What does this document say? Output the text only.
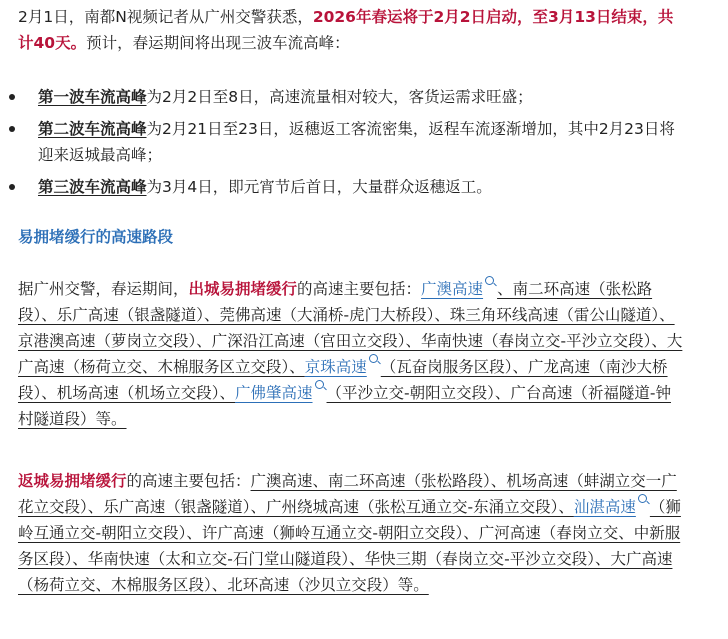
2月1日，南都N视频记者从广州交警获悉，2026年春运将于2月2日启动，至3月13日结束，共计40天。预计，春运期间将出现三波车流高峰：

第一波车流高峰为2月2日至8日，高速流量相对较大，客货运需求旺盛；
第二波车流高峰为2月21日至23日，返穗返工客流密集，返程车流逐渐增加，其中2月23日将迎来返城最高峰；
第三波车流高峰为3月4日，即元宵节后首日，大量群众返穗返工。
易拥堵缓行的高速路段

据广州交警，春运期间，出城易拥堵缓行的高速主要包括：广澳高速 、南二环高速（张松路段）、乐广高速（银盏隧道）、莞佛高速（大涌桥-虎门大桥段）、珠三角环线高速（雷公山隧道）、京港澳高速（萝岗立交段）、广深沿江高速（官田立交段）、华南快速（春岗立交-平沙立交段）、大广高速（杨荷立交、木棉服务区立交段）、京珠高速 （瓦奋岗服务区段）、广龙高速（南沙大桥段）、机场高速（机场立交段）、广佛肇高速 （平沙立交-朝阳立交段）、广台高速（祈福隧道-钟村隧道段）等。

返城易拥堵缓行的高速主要包括：广澳高速、南二环高速（张松路段）、机场高速（蚌湖立交一广花立交段）、乐广高速（银盏隧道）、广州绕城高速（张松互通立交-东涌立交段）、汕湛高速 （狮岭互通立交-朝阳立交段）、许广高速（狮岭互通立交-朝阳立交段）、广河高速（春岗立交、中新服务区段）、华南快速（太和立交-石门堂山隧道段）、华快三期（春岗立交-平沙立交段）、大广高速（杨荷立交、木棉服务区段）、北环高速（沙贝立交段）等。
